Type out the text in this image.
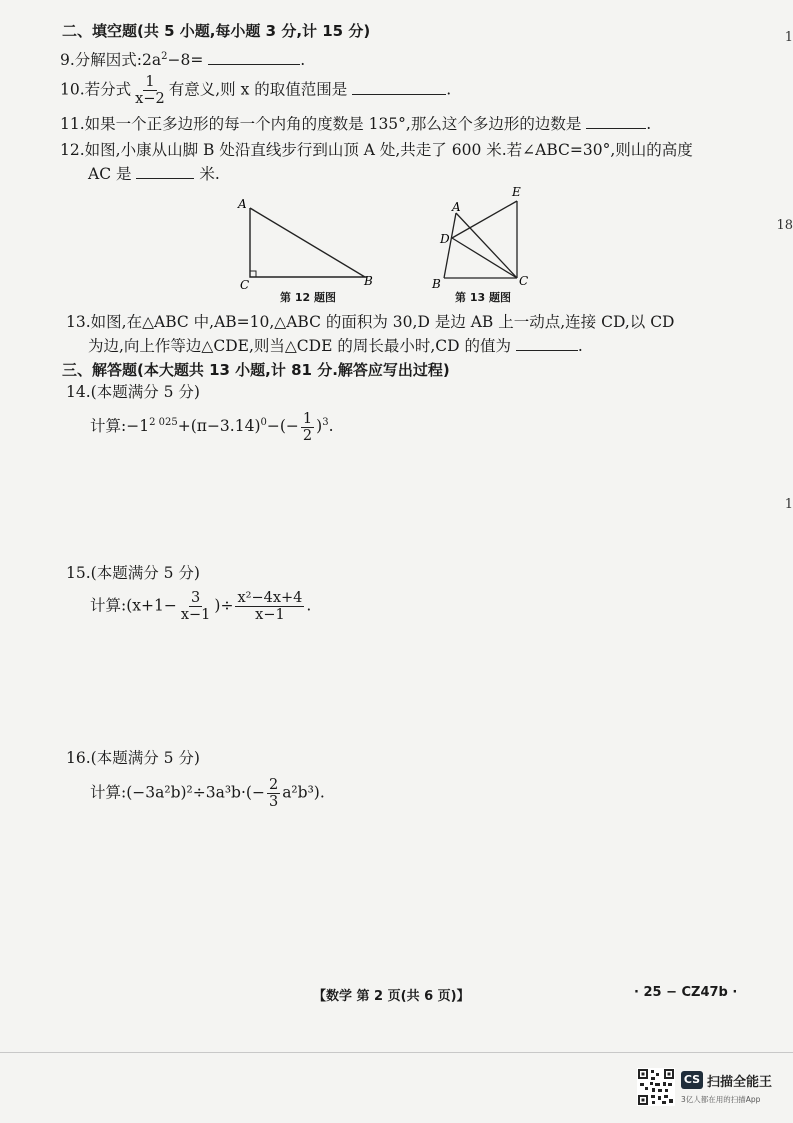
二、填空题(共 5 小题,每小题 3 分,计 15 分)
9.分解因式$:2a^2-8=$	.
10.若分式 $\frac{1}{x-2}$ 有意义,则 x 的取值范围是	.
11.如果一个正多边形的每一个内角的度数是 135°,那么这个多边形的边数是	.
12.如图,小康从山脚 B 处沿直线步行到山顶 A 处,共走了 600 米.若∠ABC=30°,则山的高度
AC 是	米.
A
C	B
第 12 题图
A
E
D
B	C
第 13 题图
13.如图,在△ABC 中,AB=10,△ABC 的面积为 30,D 是边 AB 上一动点,连接 CD,以 CD
为边,向上作等边△CDE,则当△CDE 的周长最小时,CD 的值为	.
三、解答题(本大题共 13 小题,计 81 分.解答应写出过程)
14.(本题满分 5 分)
计算$:-1^{2 025}+(\pi-3.14)^0-(- \frac{1}{2} )^3$.
15.(本题满分 5 分)
计算:(x+1− $\frac{3}{x-1}$ )÷ $\frac{\text{x²−4x+4}}{x-1}$ .
16.(本题满分 5 分)
计算:(−3a²b)²÷3a³b·(− $\frac{2}{3} a^2b^3$).
1
18
1
【数学 第 2 页(共 6 页)】	· 25 − CZ47b ·
CS 扫描全能王
3亿人都在用的扫描App
